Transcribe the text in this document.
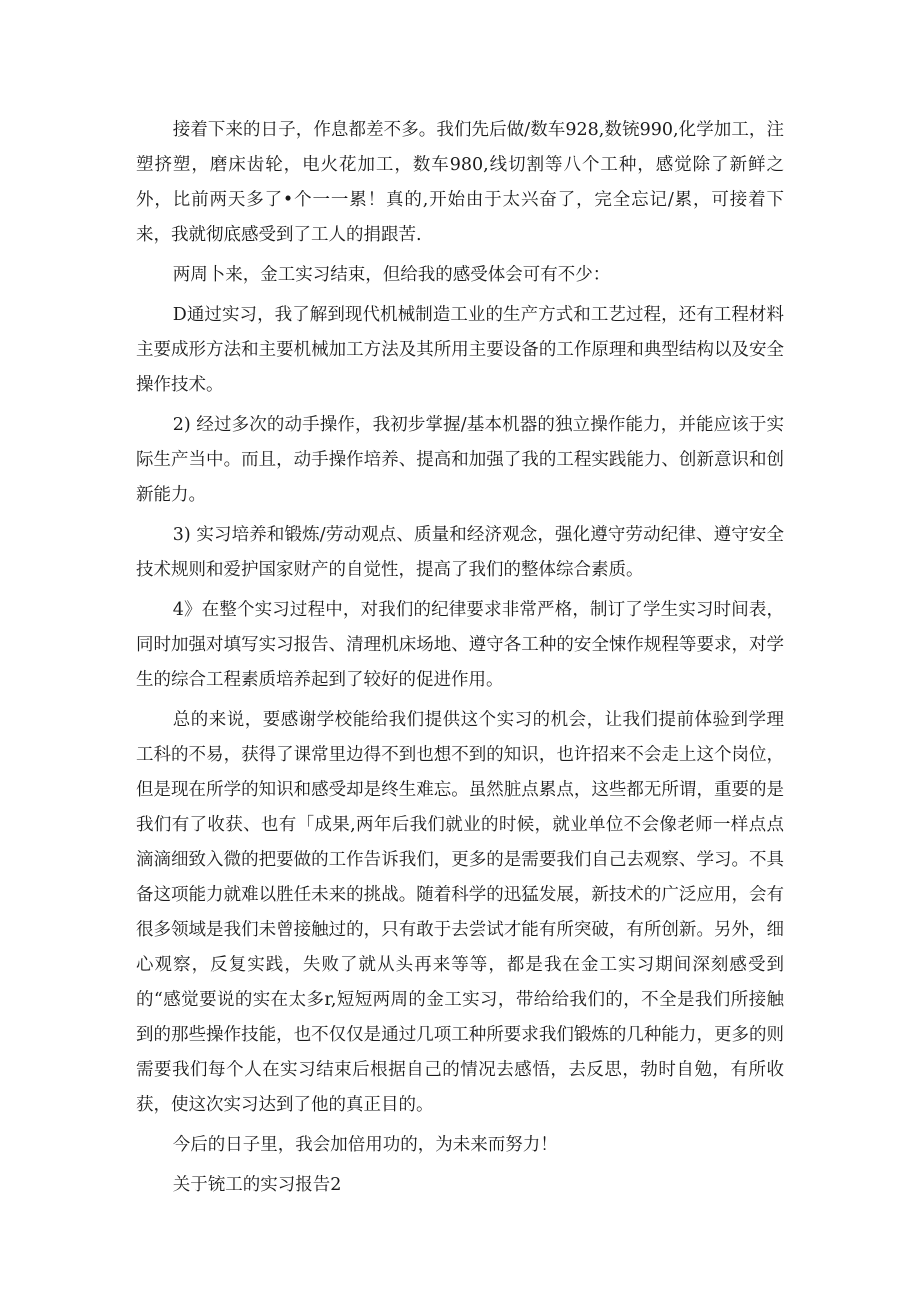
接着下来的日子，作息都差不多。我们先后做/数车928,数铳990,化学加工，注塑挤塑，磨床齿轮，电火花加工，数车980,线切割等八个工种，感觉除了新鲜之外，比前两天多了•个一一累！真的,开始由于太兴奋了，完全忘记/累，可接着下来，我就彻底感受到了工人的捐跟苦.

两周卜来，金工实习结束，但给我的感受体会可有不少：

D通过实习，我了解到现代机械制造工业的生产方式和工艺过程，还有工程材料主要成形方法和主要机械加工方法及其所用主要设备的工作原理和典型结构以及安全操作技术。

2) 经过多次的动手操作，我初步掌握/基本机器的独立操作能力，并能应该于实际生产当中。而且，动手操作培养、提高和加强了我的工程实践能力、创新意识和创新能力。

3) 实习培养和锻炼/劳动观点、质量和经济观念，强化遵守劳动纪律、遵守安全技术规则和爱护国家财产的自觉性，提高了我们的整体综合素质。

4》在整个实习过程中，对我们的纪律要求非常严格，制订了学生实习时间表，同时加强对填写实习报告、清理机床场地、遵守各工种的安全悚作规程等要求，对学生的综合工程素质培养起到了较好的促进作用。

总的来说，要感谢学校能给我们提供这个实习的机会，让我们提前体验到学理工科的不易，获得了课常里边得不到也想不到的知识，也许招来不会走上这个岗位，但是现在所学的知识和感受却是终生难忘。虽然脏点累点，这些都无所谓，重要的是我们有了收获、也有「成果,两年后我们就业的时候，就业单位不会像老师一样点点滴滴细致入微的把要做的工作告诉我们，更多的是需要我们自己去观察、学习。不具备这项能力就难以胜任未来的挑战。随着科学的迅猛发展，新技术的广泛应用，会有很多领域是我们未曾接触过的，只有敢于去尝试才能有所突破，有所创新。另外，细心观察，反复实践，失败了就从头再来等等，都是我在金工实习期间深刻感受到的“感觉要说的实在太多r,短短两周的金工实习，带给给我们的，不全是我们所接触到的那些操作技能，也不仅仅是通过几项工种所要求我们锻炼的几种能力，更多的则需要我们每个人在实习结束后根据自己的情况去感悟，去反思，勃时自勉，有所收获，使这次实习达到了他的真正目的。

今后的日子里，我会加倍用功的，为未来而努力！

关于铳工的实习报告2
